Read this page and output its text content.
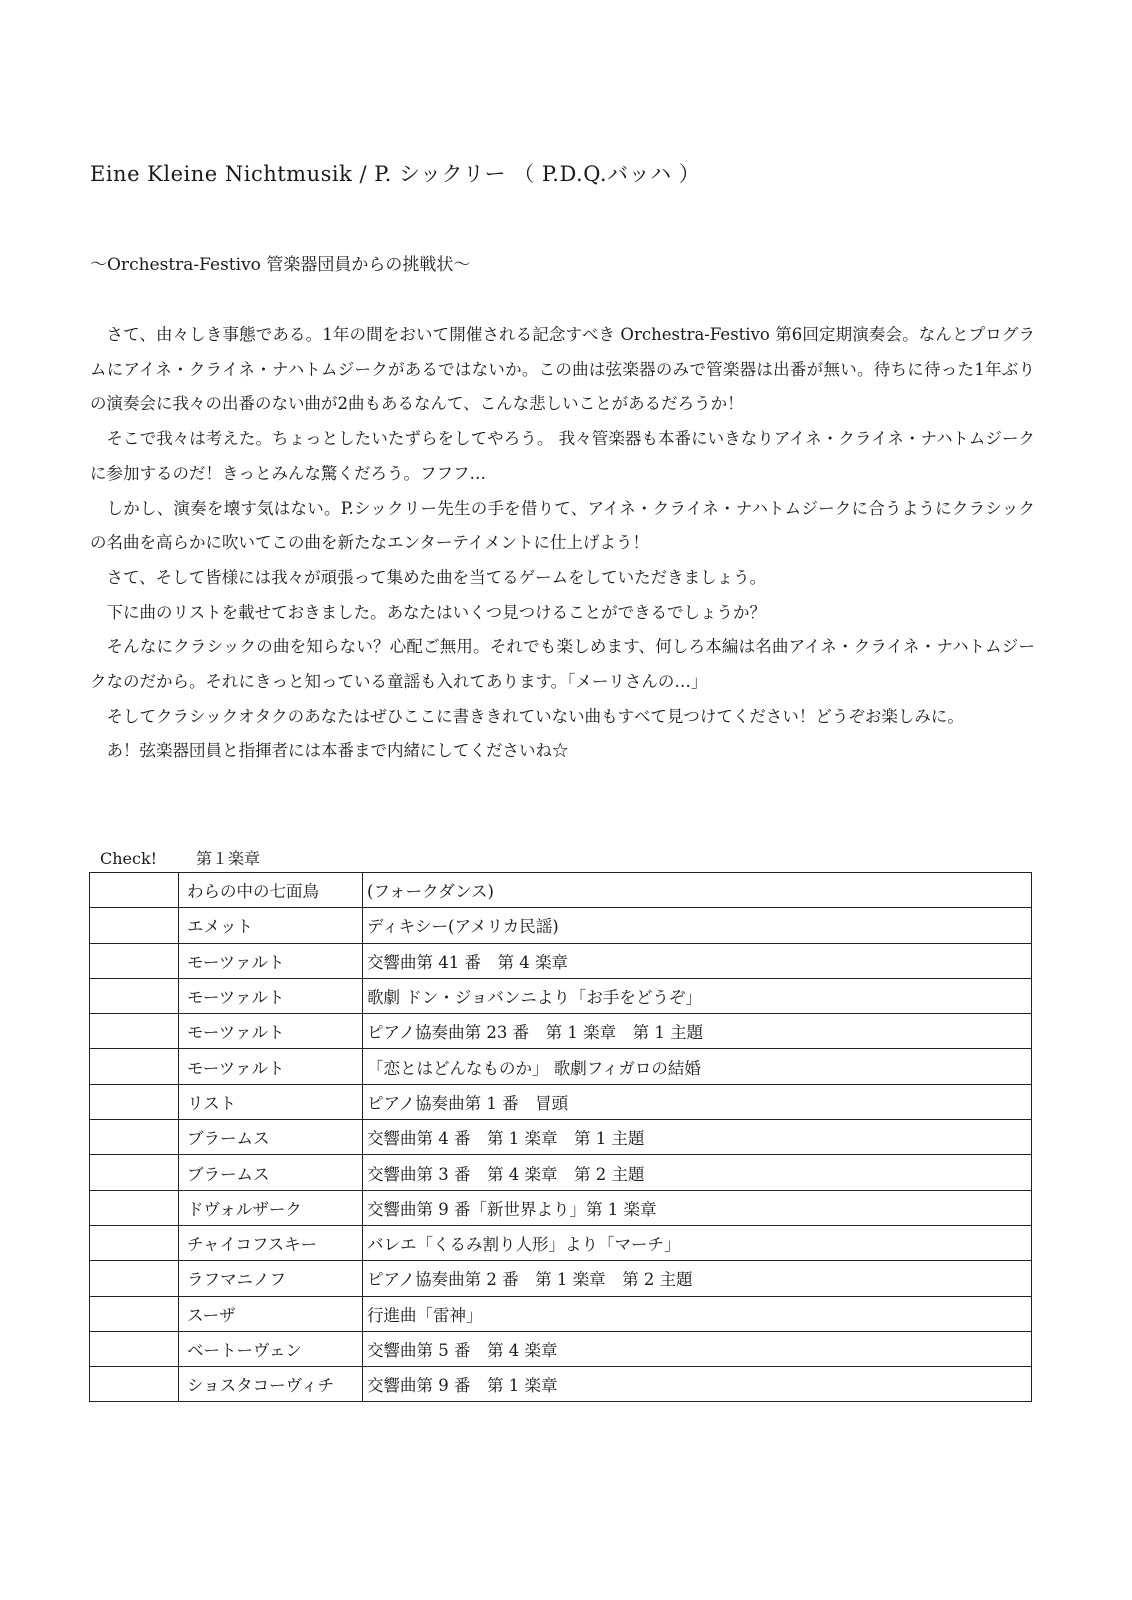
Eine Kleine Nichtmusik / P. シックリー （ P.D.Q.バッハ ）
～Orchestra-Festivo 管楽器団員からの挑戦状～

さて、由々しき事態である。1年の間をおいて開催される記念すべき Orchestra-Festivo 第6回定期演奏会。なんとプログラムにアイネ・クライネ・ナハトムジークがあるではないか。この曲は弦楽器のみで管楽器は出番が無い。待ちに待った1年ぶりの演奏会に我々の出番のない曲が2曲もあるなんて、こんな悲しいことがあるだろうか！

そこで我々は考えた。ちょっとしたいたずらをしてやろう。 我々管楽器も本番にいきなりアイネ・クライネ・ナハトムジークに参加するのだ！きっとみんな驚くだろう。フフフ…

しかし、演奏を壊す気はない。P.シックリー先生の手を借りて、アイネ・クライネ・ナハトムジークに合うようにクラシックの名曲を高らかに吹いてこの曲を新たなエンターテイメントに仕上げよう！

さて、そして皆様には我々が頑張って集めた曲を当てるゲームをしていただきましょう。

下に曲のリストを載せておきました。あなたはいくつ見つけることができるでしょうか？

そんなにクラシックの曲を知らない？心配ご無用。それでも楽しめます、何しろ本編は名曲アイネ・クライネ・ナハトムジークなのだから。それにきっと知っている童謡も入れてあります。「メーリさんの…」

そしてクラシックオタクのあなたはぜひここに書ききれていない曲もすべて見つけてください！どうぞお楽しみに。

あ！弦楽器団員と指揮者には本番まで内緒にしてくださいね☆

Check! 第１楽章
	わらの中の七面鳥	(フォークダンス)
	エメット	ディキシー(アメリカ民謡)
	モーツァルト	交響曲第 41 番　第 4 楽章
	モーツァルト	歌劇 ドン・ジョバンニより「お手をどうぞ」
	モーツァルト	ピアノ協奏曲第 23 番　第 1 楽章　第 1 主題
	モーツァルト	「恋とはどんなものか」 歌劇フィガロの結婚
	リスト	ピアノ協奏曲第 1 番　冒頭
	ブラームス	交響曲第 4 番　第 1 楽章　第 1 主題
	ブラームス	交響曲第 3 番　第 4 楽章　第 2 主題
	ドヴォルザーク	交響曲第 9 番「新世界より」第 1 楽章
	チャイコフスキー	バレエ「くるみ割り人形」より「マーチ」
	ラフマニノフ	ピアノ協奏曲第 2 番　第 1 楽章　第 2 主題
	スーザ	行進曲「雷神」
	ベートーヴェン	交響曲第 5 番　第 4 楽章
	ショスタコーヴィチ	交響曲第 9 番　第 1 楽章
